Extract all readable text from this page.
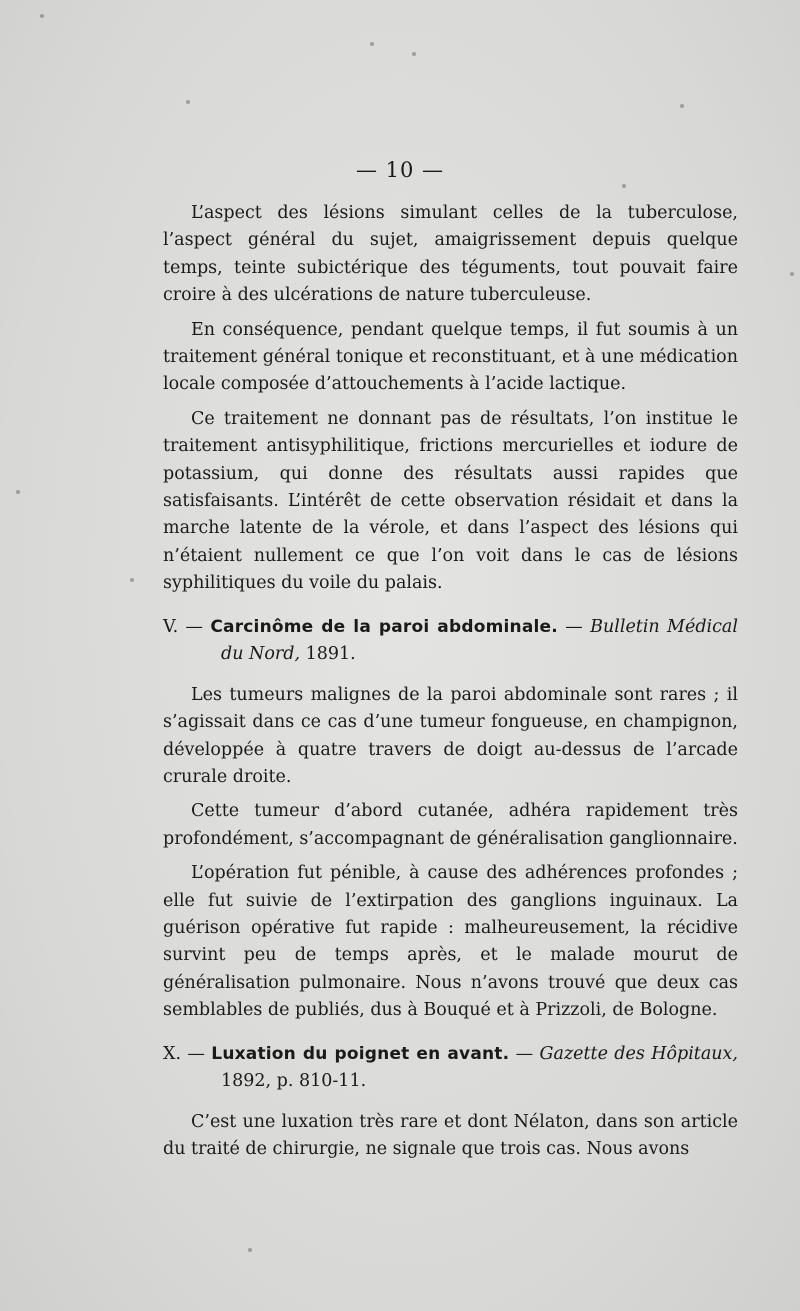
— 10 —

L’aspect des lésions simulant celles de la tuberculose, l’aspect général du sujet, amaigrissement depuis quelque temps, teinte subictérique des téguments, tout pouvait faire croire à des ulcérations de nature tuberculeuse.

En conséquence, pendant quelque temps, il fut soumis à un traitement général tonique et reconstituant, et à une médication locale composée d’attouchements à l’acide lactique.

Ce traitement ne donnant pas de résultats, l’on institue le traitement antisyphilitique, frictions mercurielles et iodure de potassium, qui donne des résultats aussi rapides que satisfaisants. L’intérêt de cette observation résidait et dans la marche latente de la vérole, et dans l’aspect des lésions qui n’étaient nullement ce que l’on voit dans le cas de lésions syphilitiques du voile du palais.

V. — Carcinôme de la paroi abdominale. — Bulletin Médical
du Nord, 1891.

Les tumeurs malignes de la paroi abdominale sont rares ; il s’agissait dans ce cas d’une tumeur fongueuse, en champignon, développée à quatre travers de doigt au-dessus de l’arcade crurale droite.

Cette tumeur d’abord cutanée, adhéra rapidement très profondément, s’accompagnant de généralisation ganglionnaire.

L’opération fut pénible, à cause des adhérences profondes ; elle fut suivie de l’extirpation des ganglions inguinaux. La guérison opérative fut rapide : malheureusement, la récidive survint peu de temps après, et le malade mourut de généralisation pulmonaire. Nous n’avons trouvé que deux cas semblables de publiés, dus à Bouqué et à Prizzoli, de Bologne.

X. — Luxation du poignet en avant. — Gazette des Hôpitaux,
1892, p. 810-11.

C’est une luxation très rare et dont Nélaton, dans son article du traité de chirurgie, ne signale que trois cas. Nous avons
